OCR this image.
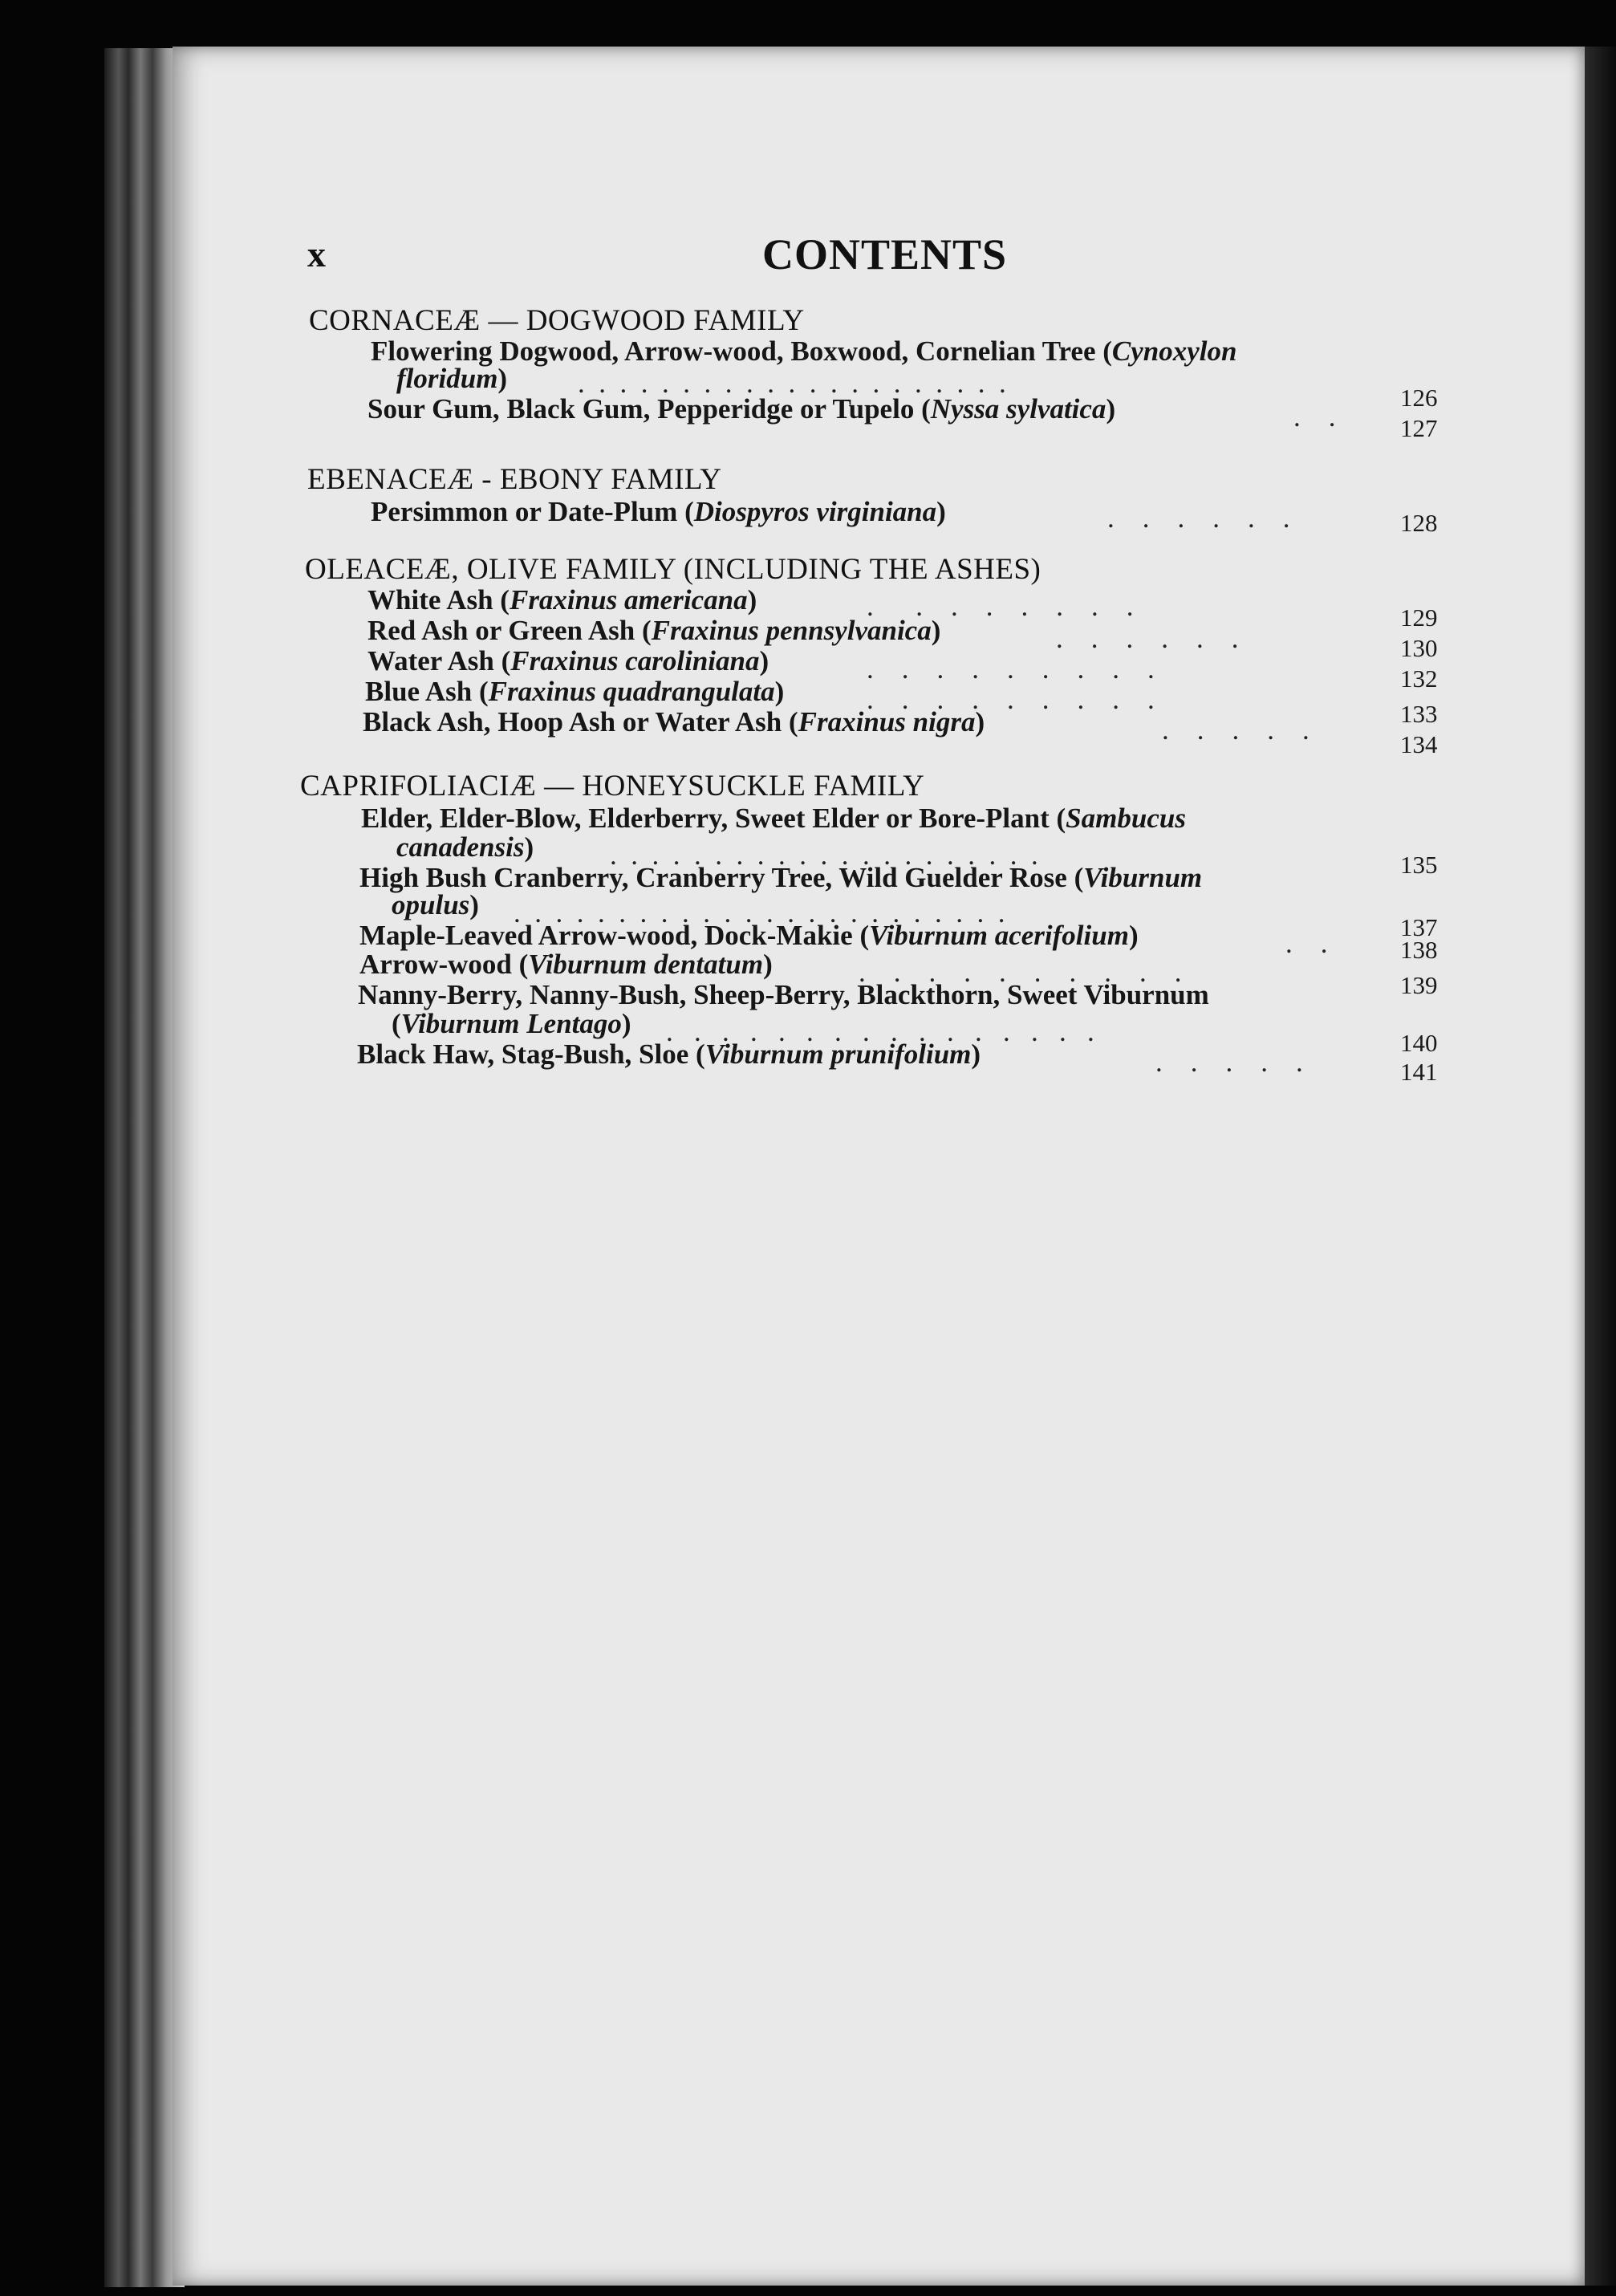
x	CONTENTS
CORNACEÆ — DOGWOOD FAMILY
Flowering Dogwood, Arrow-wood, Boxwood, Cornelian Tree (Cynoxylon
floridum)	.  .  .  .  .  .  .  .  .  .  .  .  .  .  .  .  .  .  .  .  .	126
Sour Gum, Black Gum, Pepperidge or Tupelo (Nyssa sylvatica)	.    .	127
EBENACEÆ - EBONY FAMILY
Persimmon or Date-Plum (Diospyros virginiana)	.    .    .    .    .    .	128
OLEACEÆ, OLIVE FAMILY (INCLUDING THE ASHES)
White Ash (Fraxinus americana)	.      .    .    .    .    .    .    .	129
Red Ash or Green Ash (Fraxinus pennsylvanica)	.    .    .    .    .    .	130
Water Ash (Fraxinus caroliniana)	.    .    .    .    .    .    .    .    .	132
Blue Ash (Fraxinus quadrangulata)	.    .    .    .    .    .    .    .    .	133
Black Ash, Hoop Ash or Water Ash (Fraxinus nigra)	.    .    .    .    .	134
CAPRIFOLIACIÆ — HONEYSUCKLE FAMILY
Elder, Elder-Blow, Elderberry, Sweet Elder or Bore-Plant (Sambucus
canadensis)	.  .  .  .  .  .  .  .  .  .  .  .  .  .  .  .  .  .  .  .  .	135
High Bush Cranberry, Cranberry Tree, Wild Guelder Rose (Viburnum
opulus) .  .  .  .  .  .  .  .  .  .  .  .  .  .  .  .  .  .  .  .  .  .  .  .	137
Maple-Leaved Arrow-wood, Dock-Makie (Viburnum acerifolium)	.    .	138
Arrow-wood (Viburnum dentatum)	.    .    .    .    .    .    .    .    .    .	139
Nanny-Berry, Nanny-Bush, Sheep-Berry, Blackthorn, Sweet Viburnum
(Viburnum Lentago) .   .   .   .   .   .   .   .   .   .   .   .   .   .   .   .	140
Black Haw, Stag-Bush, Sloe (Viburnum prunifolium)	.    .    .    .    .	141
